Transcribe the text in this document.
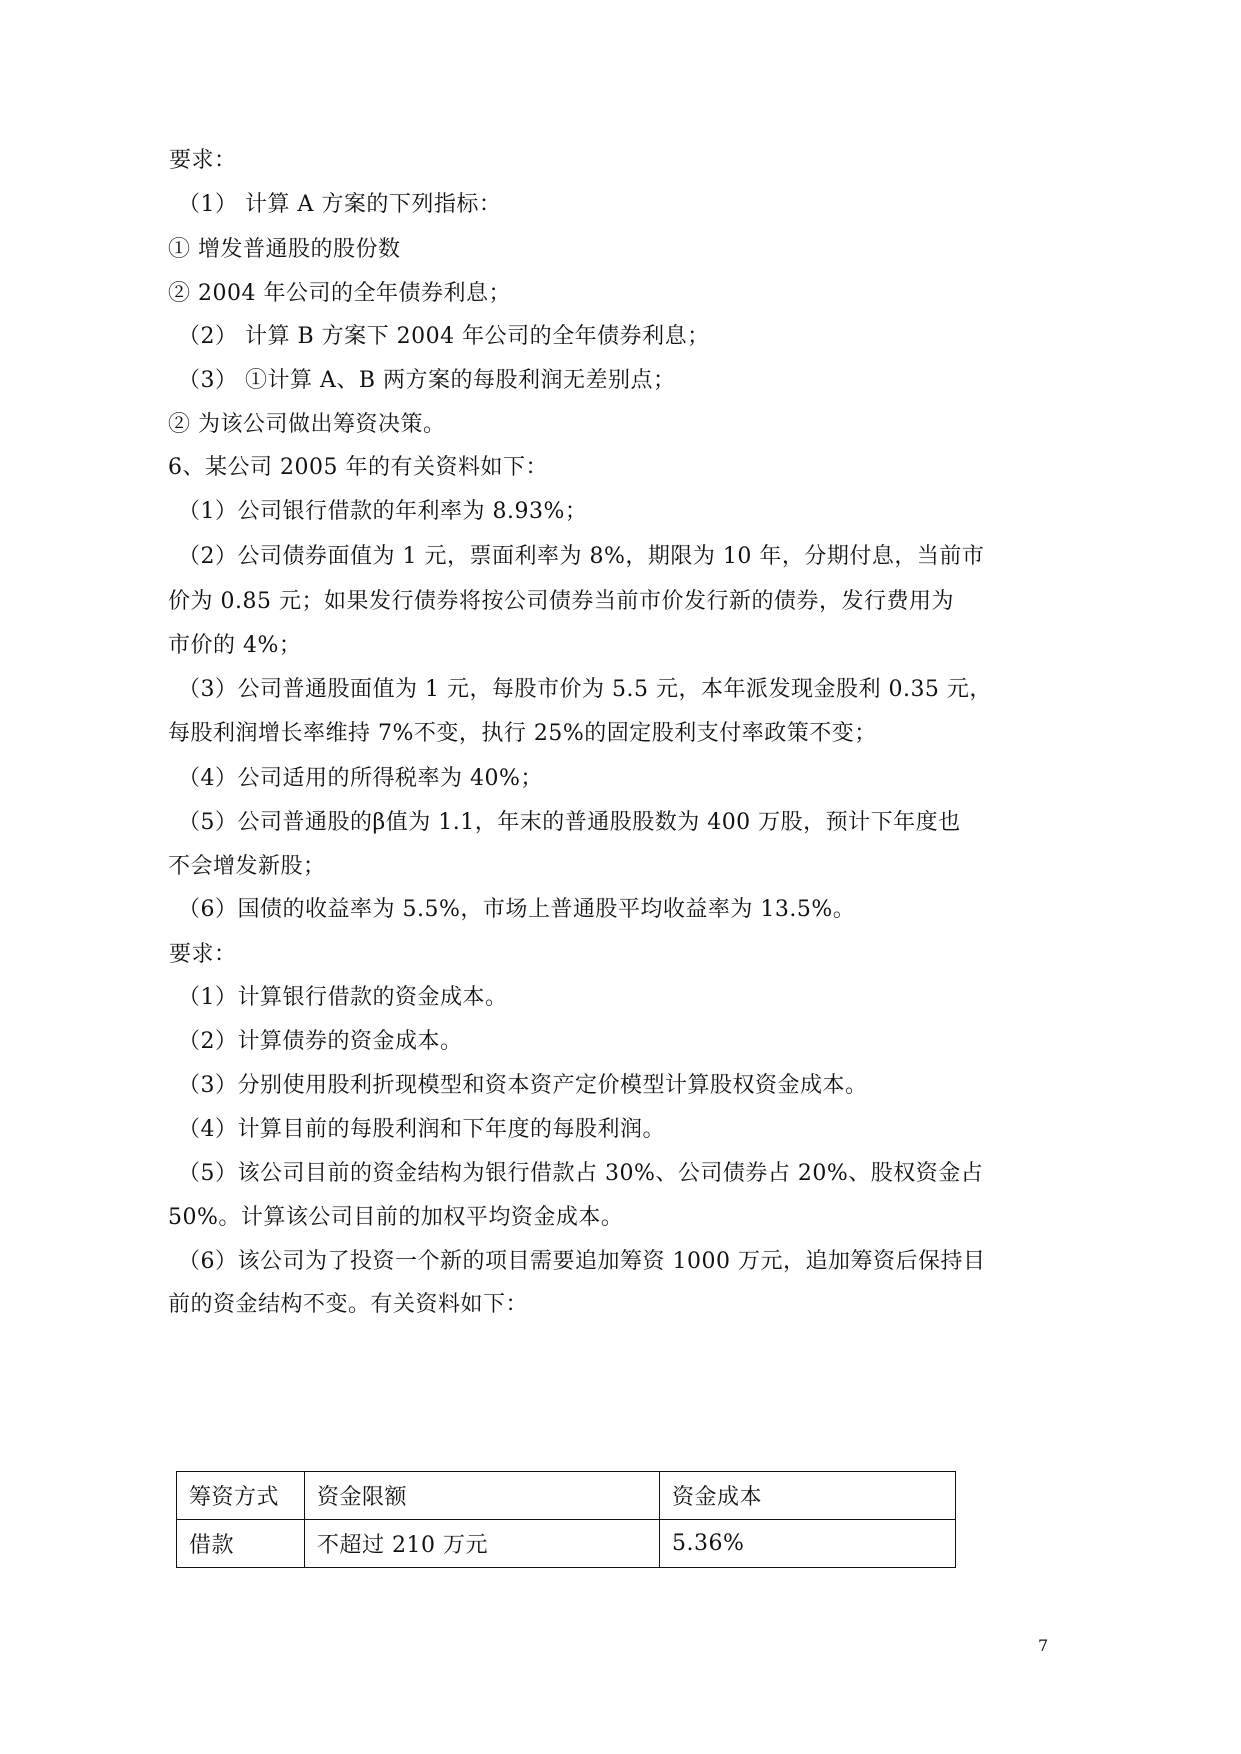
要求：

（1） 计算 A 方案的下列指标：

① 增发普通股的股份数

② 2004 年公司的全年债券利息；

（2） 计算 B 方案下 2004 年公司的全年债券利息；

（3） ①计算 A、B 两方案的每股利润无差别点；

② 为该公司做出筹资决策。

6、某公司 2005 年的有关资料如下：

（1）公司银行借款的年利率为 8.93%；

（2）公司债券面值为 1 元，票面利率为 8%，期限为 10 年，分期付息，当前市

价为 0.85 元；如果发行债券将按公司债券当前市价发行新的债券，发行费用为

市价的 4%；

（3）公司普通股面值为 1 元，每股市价为 5.5 元，本年派发现金股利 0.35 元，

每股利润增长率维持 7%不变，执行 25%的固定股利支付率政策不变；

（4）公司适用的所得税率为 40%；

（5）公司普通股的β值为 1.1，年末的普通股股数为 400 万股，预计下年度也

不会增发新股；

（6）国债的收益率为 5.5%，市场上普通股平均收益率为 13.5%。

要求：

（1）计算银行借款的资金成本。

（2）计算债券的资金成本。

（3）分别使用股利折现模型和资本资产定价模型计算股权资金成本。

（4）计算目前的每股利润和下年度的每股利润。

（5）该公司目前的资金结构为银行借款占 30%、公司债券占 20%、股权资金占

50%。计算该公司目前的加权平均资金成本。

（6）该公司为了投资一个新的项目需要追加筹资 1000 万元，追加筹资后保持目

前的资金结构不变。有关资料如下：

筹资方式	资金限额	资金成本
借款	不超过 210 万元	5.36%
7
